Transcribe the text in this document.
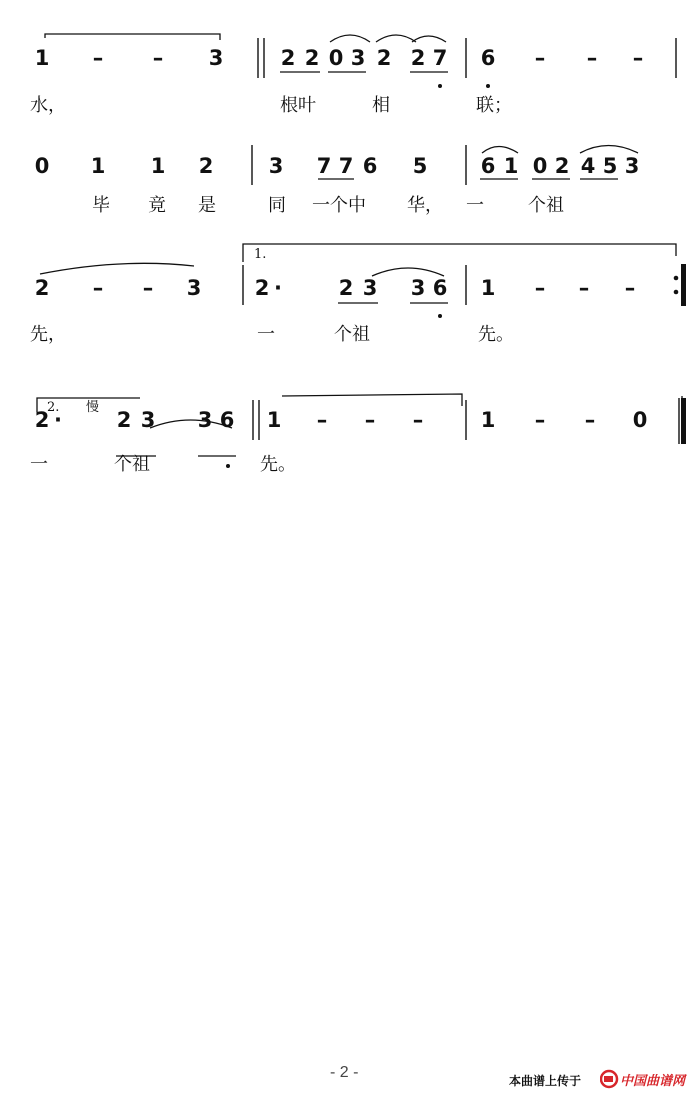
1 – – 3	2 2 0 3 2 2 7 6 – – –
0 1 1 2	3 7 7 6 5	6 1 0 2 4 5 3
2 – – 3	2 ·	2 3 3 6 1 – – –
2 ·	2 3 3 6 1 – – –	1 – – 0
水，	根叶	相	联；
毕 竟 是	同 一个中 华， 一 个祖
先，	一	个祖	先。
一	个祖	先。
1.
2. 慢
- 2 -	本曲谱上传于	中国曲谱网
